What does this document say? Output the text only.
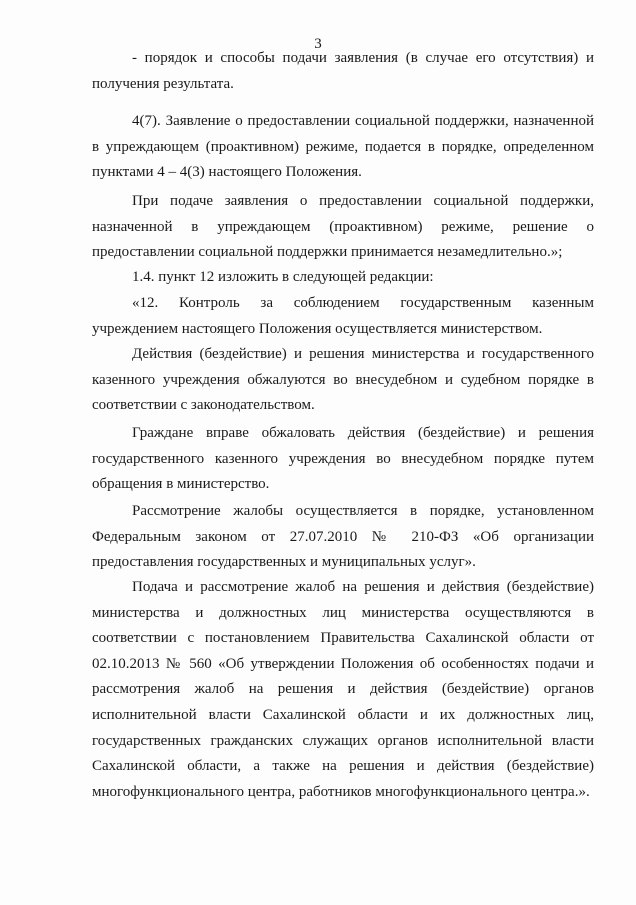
3

- порядок и способы подачи заявления (в случае его отсутствия) и получения результата.

4(7). Заявление о предоставлении социальной поддержки, назначенной в упреждающем (проактивном) режиме, подается в порядке, определенном пунктами 4 – 4(3) настоящего Положения.

При подаче заявления о предоставлении социальной поддержки, назначенной в упреждающем (проактивном) режиме, решение о предоставлении социальной поддержки принимается незамедлительно.»;

1.4. пункт 12 изложить в следующей редакции:

«12. Контроль за соблюдением государственным казенным учреждением настоящего Положения осуществляется министерством.

Действия (бездействие) и решения министерства и государственного казенного учреждения обжалуются во внесудебном и судебном порядке в соответствии с законодательством.

Граждане вправе обжаловать действия (бездействие) и решения государственного казенного учреждения во внесудебном порядке путем обращения в министерство.

Рассмотрение жалобы осуществляется в порядке, установленном Федеральным законом от 27.07.2010 № 210-ФЗ «Об организации предоставления государственных и муниципальных услуг».

Подача и рассмотрение жалоб на решения и действия (бездействие) министерства и должностных лиц министерства осуществляются в соответствии с постановлением Правительства Сахалинской области от 02.10.2013 № 560 «Об утверждении Положения об особенностях подачи и рассмотрения жалоб на решения и действия (бездействие) органов исполнительной власти Сахалинской области и их должностных лиц, государственных гражданских служащих органов исполнительной власти Сахалинской области, а также на решения и действия (бездействие) многофункционального центра, работников многофункционального центра.».
